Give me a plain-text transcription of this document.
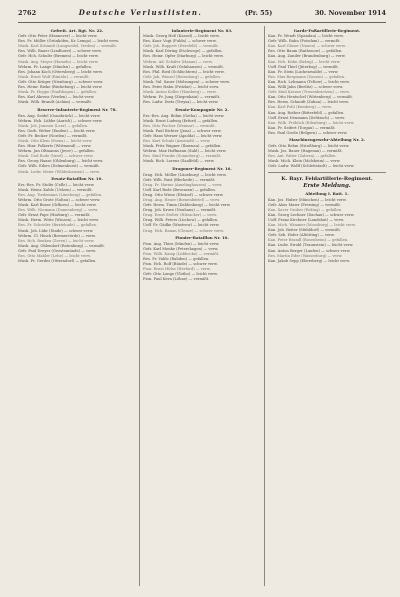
2762	Deutsche Verlustlisten.	(Pr. 55)	30. November 1914
Gefreit. Art. Rgt. Nr. 22.
Gefr. Otto Peter (Hannover) — leicht verw.
Res. Fr. Müller (Grünhöfen, Kr. Lemgo) — leicht verw.
Musk. Karl Schmidt (Langwedel, Verden) — vermißt.
Res. Wilh. Bauer (Lindhorst) — schwer verw.
Gefr. Hch. Schulte (Bremen) — leicht verw.
Musk. Aug. Meyer (Hameln) — leicht verw.
Wehrm. Fr. Lange (Minden) — gefallen.
Res. Johann Koch (Ottersberg) — leicht verw.
Musk. Ernst Wolf (Rinteln) — vermißt.
Gefr. Otto Krüger (Nienburg) — schwer verw.
Res. Heinr. Rieke (Bückeburg) — leicht verw.
Musk. Fr. Hoppe (Stadthagen) — gefallen.
Res. Karl Ahrens (Verden) — leicht verw.
Musk. Wilh. Brandt (Achim) — vermißt.
Reserve-Infanterie-Regiment Nr. 78.
Res. Aug. Seidel (Osnabrück) — leicht verw.
Wehrm. Hch. Lübbe (Aurich) — schwer verw.
Musk. Joh. Janssen (Leer) — gefallen.
Res. Gerh. Weber (Emden) — leicht verw.
Gefr. Fr. Becker (Norden) — vermißt.
Musk. Otto Klein (Esens) — leicht verw.
Res. Hinr. Folkerts (Wittmund) — verw.
Wehrm. Jan Oltmanns (Jever) — gefallen.
Musk. Carl Rode (Varel) — schwer verw.
Res. Georg Haase (Oldenburg) — leicht verw.
Gefr. Wilh. Eilers (Delmenhorst) — vermißt.
Musk. Ludw. Meier (Wildeshausen) — verw.
Ersatz-Bataillon Nr. 10.
Ers.-Res. Fr. Stolte (Celle) — leicht verw.
Musk. Heinr. Kahle (Uelzen) — vermißt.
Res. Aug. Tiedemann (Lüneburg) — gefallen.
Wehrm. Otto Grote (Soltau) — schwer verw.
Musk. Karl Busse (Gifhorn) — leicht verw.
Res. Wilh. Niemann (Dannenberg) — verw.
Gefr. Ernst Pape (Harburg) — vermißt.
Musk. Herm. Witte (Winsen) — leicht verw.
Res. Fr. Schröder (Buxtehude) — gefallen.
Musk. Joh. Lühr (Stade) — schwer verw.
Wehrm. Cl. Hinck (Bremervörde) — verw.
Res. Hch. Renken (Zeven) — leicht verw.
Musk. Aug. Ohlendorf (Rotenburg) — vermißt.
Gefr. Paul Dreyer (Geestemünde) — verw.
Res. Otto Mahler (Lehe) — leicht verw.
Musk. Fr. Gerdes (Otterndorf) — gefallen.
Infanterie-Regiment Nr. 83.
Musk. Georg Heß (Kassel) — leicht verw.
Res. Konr. Vogt (Fulda) — schwer verw.
Gefr. Joh. Ruppert (Hersfeld) — vermißt.
Musk. Karl Döring (Eschwege) — gefallen.
Res. Heinr. Opfer (Marburg) — leicht verw.
Wehrm. Ad. Schäfer (Hanau) — verw.
Musk. Wilh. Kraft (Gelnhausen) — vermißt.
Res. Phil. Ried (Schlüchtern) — leicht verw.
Gefr. Jak. Wenzel (Rotenburg) — gefallen.
Musk. Val. Sauer (Melsungen) — schwer verw.
Res. Peter Hahn (Fritzlar) — leicht verw.
Musk. Anton Koller (Homberg) — verw.
Wehrm. Fr. Jung (Ziegenhain) — vermißt.
Res. Ludw. Dietz (Treysa) — leicht verw.
Ersatz-Kompagnie Nr. 2.
Ers.-Res. Aug. Böhm (Gotha) — leicht verw.
Musk. Ernst Ludwig (Erfurt) — gefallen.
Res. Otto Fischer (Weimar) — vermißt.
Musk. Paul Richter (Jena) — schwer verw.
Gefr. Hans Werner (Apolda) — leicht verw.
Res. Kurt Schulz (Arnstadt) — verw.
Musk. Fritz Wagner (Ilmenau) — gefallen.
Wehrm. Max Hoffmann (Suhl) — leicht verw.
Res. Emil Franke (Sonneberg) — vermißt.
Musk. Rich. Lorenz (Saalfeld) — verw.
Dragoner-Regiment Nr. 16.
Drag. Hch. Möller (Lüneburg) — leicht verw.
Gefr. Wilh. Rust (Bleckede) — vermißt.
Drag. Fr. Harms (Amelinghausen) — verw.
Uoff. Karl Bode (Bevensen) — gefallen.
Drag. Otto Wiese (Ebstorf) — schwer verw.
Drag. Aug. Heuer (Bienenbüttel) — verw.
Gefr. Herm. Timm (Dahlenburg) — leicht verw.
Drag. Joh. Kruse (Neuhaus) — vermißt.
Drag. Ernst Stelter (Hitzacker) — verw.
Drag. Wilh. Peters (Lüchow) — gefallen.
Uoff. Fr. Gädke (Wustrow) — leicht verw.
Drag. Hch. Ramm (Clenze) — schwer verw.
Pionier-Bataillon Nr. 10.
Pion. Aug. Thies (Minden) — leicht verw.
Gefr. Karl Menke (Petershagen) — verw.
Pion. Wilh. Kamp (Lübbecke) — vermißt.
Res. Fr. Vahle (Rahden) — gefallen.
Pion. Hch. Rolf (Bünde) — schwer verw.
Pion. Ernst Hülse (Herford) — verw.
Gefr. Otto Lange (Vlotho) — leicht verw.
Pion. Paul Kern (Löhne) — vermißt.
Garde-Fußartillerie-Regiment.
Kan. Fr. Wendt (Spandau) — leicht verw.
Gefr. Wilh. Rahn (Potsdam) — vermißt.
Kan. Karl Glaser (Nauen) — schwer verw.
Res. Otto Baum (Rathenow) — gefallen.
Kan. Aug. Zander (Brandenburg) — verw.
Kan. Hch. Kühn (Belzig) — leicht verw.
Uoff. Paul Thiel (Jüterbog) — vermißt.
Kan. Fr. Stein (Luckenwalde) — verw.
Res. Max Bergmann (Zossen) — gefallen.
Kan. Rich. Lehmann (Teltow) — leicht verw.
Kan. Willi Jahn (Beelitz) — schwer verw.
Gefr. Emil Krause (Treuenbrietzen) — verw.
Kan. Otto Hentschel (Wittenberg) — vermißt.
Res. Herm. Schmidt (Zahna) — leicht verw.
Kan. Karl Pohl (Kemberg) — verw.
Kan. Aug. Rother (Bitterfeld) — gefallen.
Uoff. Ernst Neumann (Delitzsch) — verw.
Kan. Wilh. Fröhlich (Eilenburg) — leicht verw.
Kan. Fr. Seifert (Torgau) — vermißt.
Res. Paul Große (Belgern) — schwer verw.
Maschinengewehr-Abteilung Nr. 2.
Gefr. Otto Rehm (Straßburg) — leicht verw.
Musk. Jos. Bauer (Hagenau) — vermißt.
Res. Ant. Ritter (Zabern) — gefallen.
Musk. Mich. Klein (Molsheim) — verw.
Gefr. Ludw. Wolff (Schlettstadt) — leicht verw.
K. Bayr. Feldartillerie-Regiment.
Erste Meldung.
Abteilung I. Batt. 1.
Kan. Jos. Huber (München) — leicht verw.
Gefr. Alois Maier (Freising) — vermißt.
Kan. Xaver Gruber (Erding) — gefallen.
Kan. Georg Lechner (Dachau) — schwer verw.
Uoff. Franz Kirchner (Landshut) — verw.
Kan. Mich. Wimmer (Moosburg) — leicht verw.
Kan. Joh. Reiter (Mühldorf) — vermißt.
Gefr. Seb. Hofer (Altötting) — verw.
Kan. Peter Brandl (Rosenheim) — gefallen.
Kan. Ludw. Strobl (Traunstein) — leicht verw.
Kan. Anton Berger (Laufen) — schwer verw.
Res. Martin Eder (Wasserburg) — verw.
Kan. Jakob Sepp (Ebersberg) — leicht verw.
